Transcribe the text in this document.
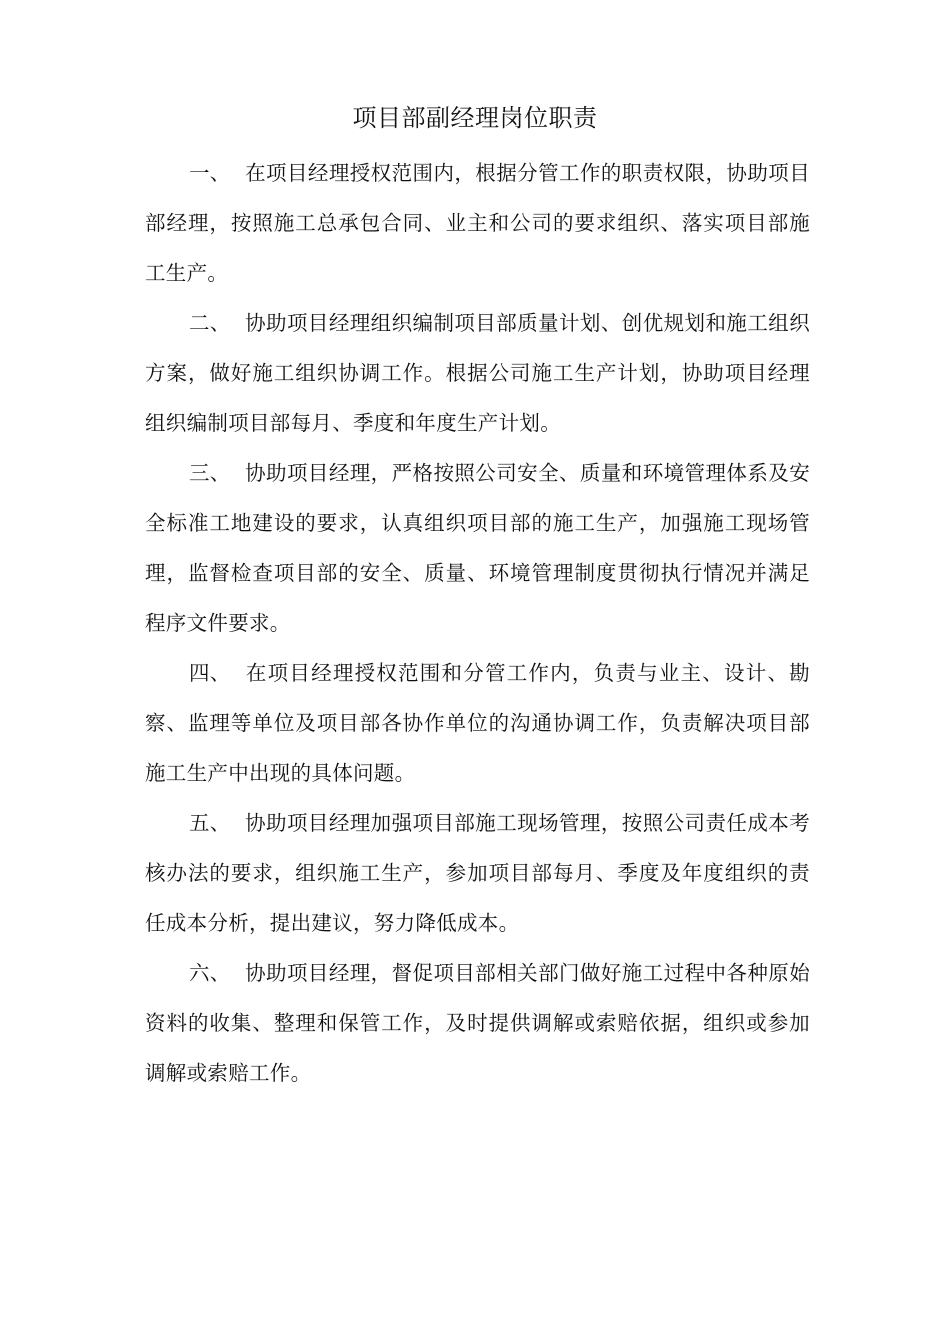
项目部副经理岗位职责

一、 在项目经理授权范围内，根据分管工作的职责权限，协助项目部经理，按照施工总承包合同、业主和公司的要求组织、落实项目部施工生产。

二、 协助项目经理组织编制项目部质量计划、创优规划和施工组织方案，做好施工组织协调工作。根据公司施工生产计划，协助项目经理组织编制项目部每月、季度和年度生产计划。

三、 协助项目经理，严格按照公司安全、质量和环境管理体系及安全标准工地建设的要求，认真组织项目部的施工生产，加强施工现场管理，监督检查项目部的安全、质量、环境管理制度贯彻执行情况并满足程序文件要求。

四、 在项目经理授权范围和分管工作内，负责与业主、设计、勘察、监理等单位及项目部各协作单位的沟通协调工作，负责解决项目部施工生产中出现的具体问题。

五、 协助项目经理加强项目部施工现场管理，按照公司责任成本考核办法的要求，组织施工生产，参加项目部每月、季度及年度组织的责任成本分析，提出建议，努力降低成本。

六、 协助项目经理，督促项目部相关部门做好施工过程中各种原始资料的收集、整理和保管工作，及时提供调解或索赔依据，组织或参加调解或索赔工作。
